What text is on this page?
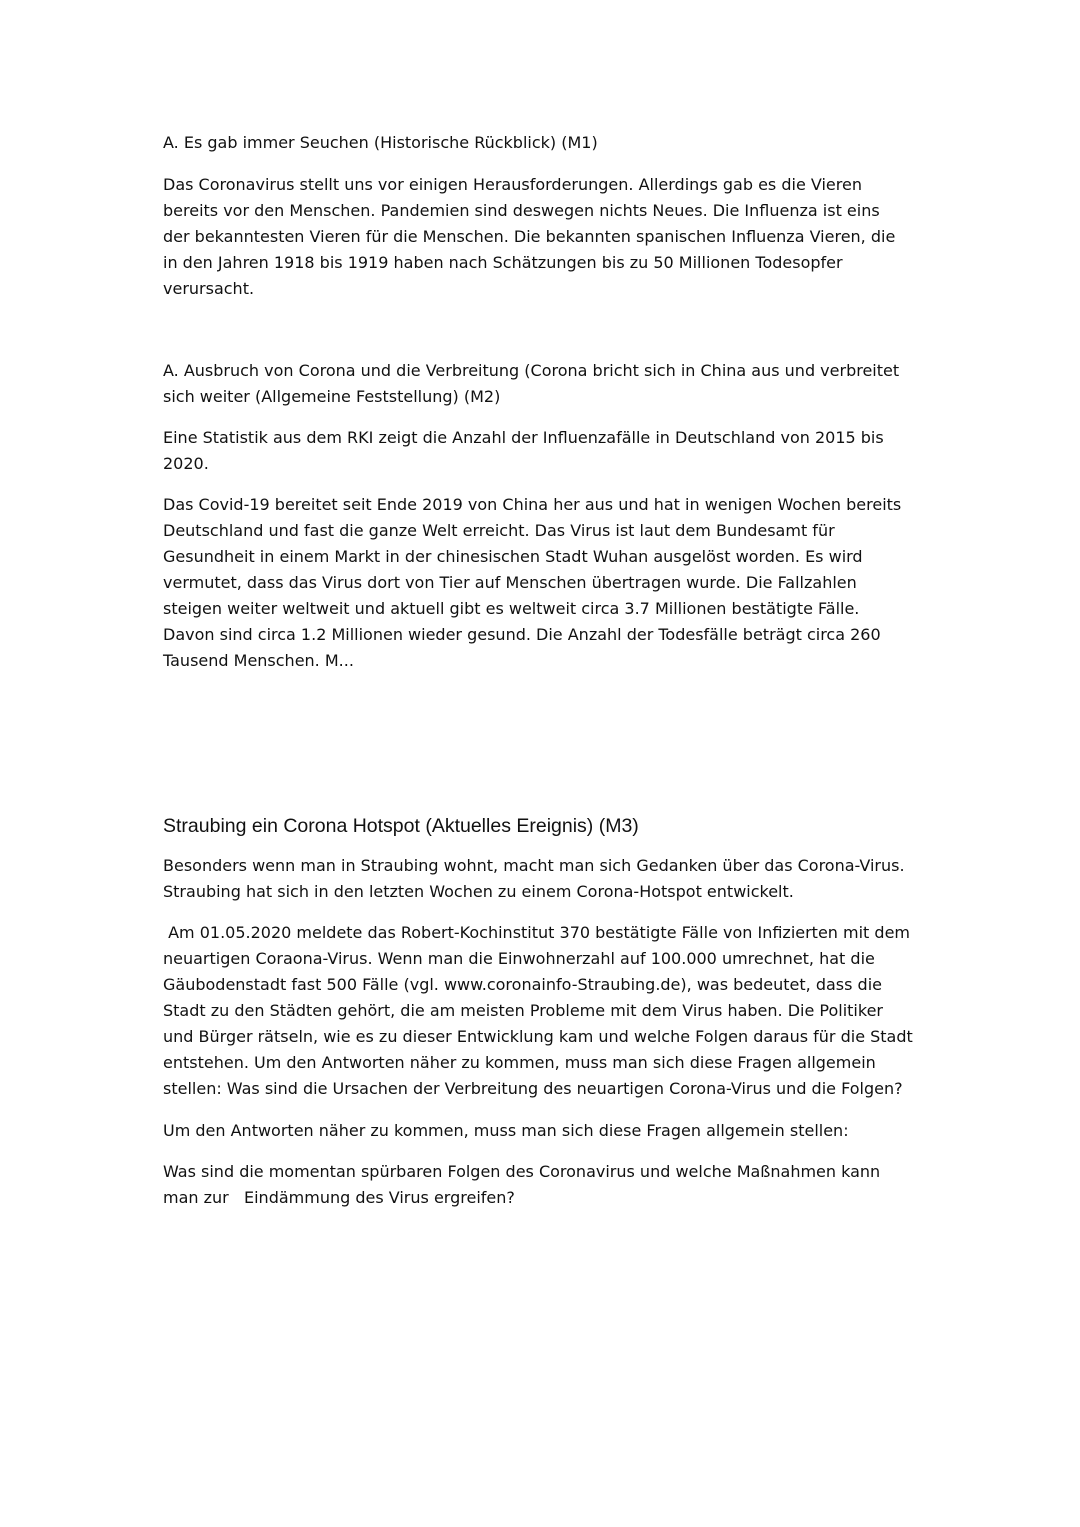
A. Es gab immer Seuchen (Historische Rückblick) (M1)

Das Coronavirus stellt uns vor einigen Herausforderungen. Allerdings gab es die Vieren
bereits vor den Menschen. Pandemien sind deswegen nichts Neues. Die Influenza ist eins
der bekanntesten Vieren für die Menschen. Die bekannten spanischen Influenza Vieren, die
in den Jahren 1918 bis 1919 haben nach Schätzungen bis zu 50 Millionen Todesopfer
verursacht.

A. Ausbruch von Corona und die Verbreitung (Corona bricht sich in China aus und verbreitet
sich weiter (Allgemeine Feststellung) (M2)

Eine Statistik aus dem RKI zeigt die Anzahl der Influenzafälle in Deutschland von 2015 bis
2020.

Das Covid-19 bereitet seit Ende 2019 von China her aus und hat in wenigen Wochen bereits
Deutschland und fast die ganze Welt erreicht. Das Virus ist laut dem Bundesamt für
Gesundheit in einem Markt in der chinesischen Stadt Wuhan ausgelöst worden. Es wird
vermutet, dass das Virus dort von Tier auf Menschen übertragen wurde. Die Fallzahlen
steigen weiter weltweit und aktuell gibt es weltweit circa 3.7 Millionen bestätigte Fälle.
Davon sind circa 1.2 Millionen wieder gesund. Die Anzahl der Todesfälle beträgt circa 260
Tausend Menschen. M...

Straubing ein Corona Hotspot (Aktuelles Ereignis) (M3)

Besonders wenn man in Straubing wohnt, macht man sich Gedanken über das Corona-Virus.
Straubing hat sich in den letzten Wochen zu einem Corona-Hotspot entwickelt.

Am 01.05.2020 meldete das Robert-Kochinstitut 370 bestätigte Fälle von Infizierten mit dem
neuartigen Coraona-Virus. Wenn man die Einwohnerzahl auf 100.000 umrechnet, hat die
Gäubodenstadt fast 500 Fälle (vgl. www.coronainfo-Straubing.de), was bedeutet, dass die
Stadt zu den Städten gehört, die am meisten Probleme mit dem Virus haben. Die Politiker
und Bürger rätseln, wie es zu dieser Entwicklung kam und welche Folgen daraus für die Stadt
entstehen. Um den Antworten näher zu kommen, muss man sich diese Fragen allgemein
stellen: Was sind die Ursachen der Verbreitung des neuartigen Corona-Virus und die Folgen?

Um den Antworten näher zu kommen, muss man sich diese Fragen allgemein stellen:

Was sind die momentan spürbaren Folgen des Coronavirus und welche Maßnahmen kann
man zur   Eindämmung des Virus ergreifen?
